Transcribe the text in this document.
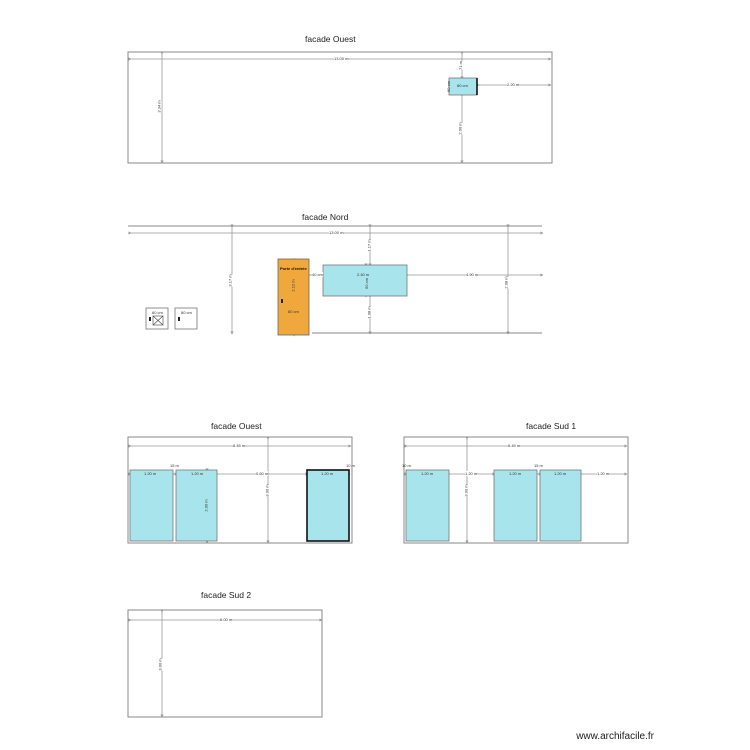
facade Ouest
facade Nord
facade Ouest	facade Sud 1
facade Sud 2
13.00 m
3.34 m
71 m
2.00 m
60 cm 80 cm	2.20 m
13.00 m
3.17 m	2.08 m
Porte d'entrée
80 cm
2.12 m
40 cm	2.40 m
60 cm
1.17 m
1.08 m
4.90 m
60 cm	80 cm
6.45 m
3.00 m
15 m	10 m
1.20 m	1.20 m	0.60 m	1.20 m
2.00 m
6.45 m
3.00 m
10 m	15 m
1.20 m	1.20 m	1.20 m	1.20 m	1.20 m
6.00 m
3.00 m
www.archifacile.fr
